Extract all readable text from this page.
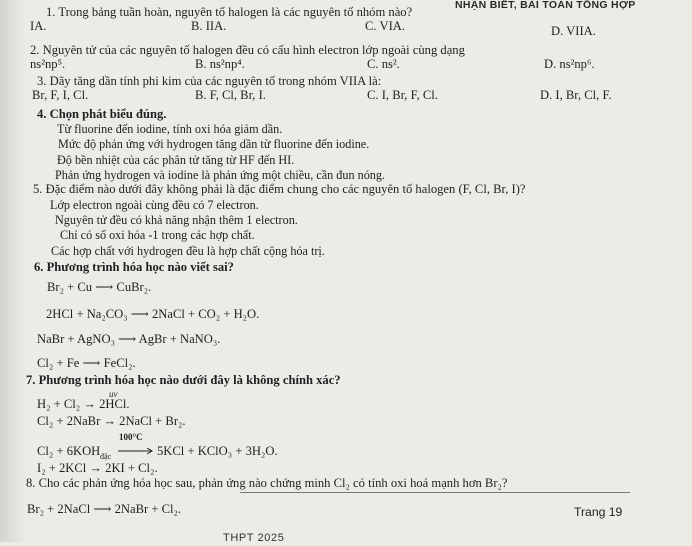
NHẬN BIẾT, BÀI TOÁN TỔNG HỢP
1. Trong bảng tuần hoàn, nguyên tố halogen là các nguyên tố nhóm nào?
IA.	B. IIA.	C. VIA.	D. VIIA.
2. Nguyên tử của các nguyên tố halogen đều có cấu hình electron lớp ngoài cùng dạng
ns²np⁵.	B. ns²np⁴.	C. ns².	D. ns²np⁶.
3. Dãy tăng dần tính phi kim của các nguyên tố trong nhóm VIIA là:
Br, F, I, Cl.	B. F, Cl, Br, I.	C. I, Br, F, Cl.	D. I, Br, Cl, F.
4. Chọn phát biểu đúng.
Từ fluorine đến iodine, tính oxi hóa giảm dần.
Mức độ phản ứng với hydrogen tăng dần từ fluorine đến iodine.
Độ bền nhiệt của các phân tử tăng từ HF đến HI.
Phản ứng hydrogen và iodine là phản ứng một chiều, cần đun nóng.
5. Đặc điểm nào dưới đây không phải là đặc điểm chung cho các nguyên tố halogen (F, Cl, Br, I)?
Lớp electron ngoài cùng đều có 7 electron.
Nguyên tử đều có khả năng nhận thêm 1 electron.
Chỉ có số oxi hóa -1 trong các hợp chất.
Các hợp chất với hydrogen đều là hợp chất cộng hóa trị.
6. Phương trình hóa học nào viết sai?
Br₂ + Cu ⟶ CuBr₂.
2HCl + Na₂CO₃ ⟶ 2NaCl + CO₂ + H₂O.
NaBr + AgNO₃ ⟶ AgBr + NaNO₃.
Cl₂ + Fe ⟶ FeCl₂.
7. Phương trình hóa học nào dưới đây là không chính xác?
uv
H₂ + Cl₂ → 2HCl.
Cl₂ + 2NaBr → 2NaCl + Br₂.
100°C
Cl₂ + 6KOH đặc	5KCl + KClO₃ + 3H₂O.
I₂ + 2KCl → 2KI + Cl₂.
8. Cho các phản ứng hóa học sau, phản ứng nào chứng minh Cl₂ có tính oxi hoá mạnh hơn Br₂?
Br₂ + 2NaCl ⟶ 2NaBr + Cl₂.	Trang 19
THPT 2025
